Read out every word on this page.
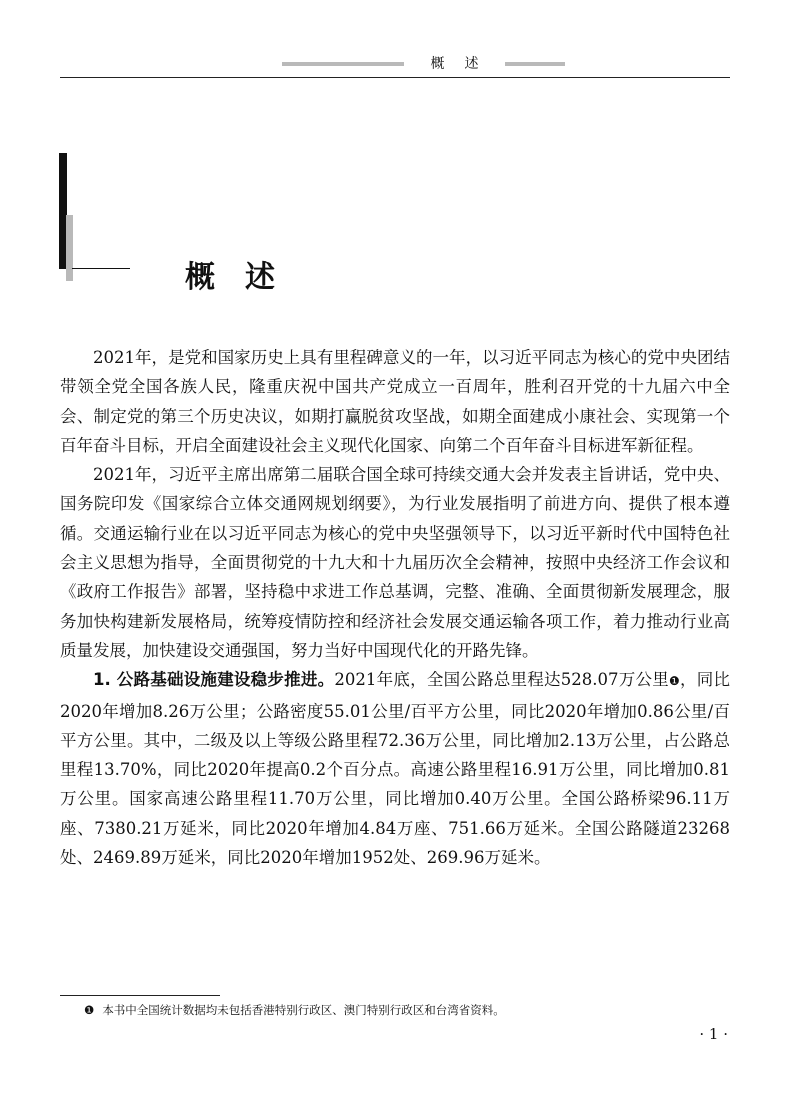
概述
概述

2021年，是党和国家历史上具有里程碑意义的一年，以习近平同志为核心的党中央团结带领全党全国各族人民，隆重庆祝中国共产党成立一百周年，胜利召开党的十九届六中全会、制定党的第三个历史决议，如期打赢脱贫攻坚战，如期全面建成小康社会、实现第一个百年奋斗目标，开启全面建设社会主义现代化国家、向第二个百年奋斗目标进军新征程。

2021年，习近平主席出席第二届联合国全球可持续交通大会并发表主旨讲话，党中央、国务院印发《国家综合立体交通网规划纲要》，为行业发展指明了前进方向、提供了根本遵循。交通运输行业在以习近平同志为核心的党中央坚强领导下，以习近平新时代中国特色社会主义思想为指导，全面贯彻党的十九大和十九届历次全会精神，按照中央经济工作会议和《政府工作报告》部署，坚持稳中求进工作总基调，完整、准确、全面贯彻新发展理念，服务加快构建新发展格局，统筹疫情防控和经济社会发展交通运输各项工作，着力推动行业高质量发展，加快建设交通强国，努力当好中国现代化的开路先锋。

1. 公路基础设施建设稳步推进。2021年底，全国公路总里程达528.07万公里❶，同比2020年增加8.26万公里；公路密度55.01公里/百平方公里，同比2020年增加0.86公里/百平方公里。其中，二级及以上等级公路里程72.36万公里，同比增加2.13万公里，占公路总里程13.70%，同比2020年提高0.2个百分点。高速公路里程16.91万公里，同比增加0.81万公里。国家高速公路里程11.70万公里，同比增加0.40万公里。全国公路桥梁96.11万座、7380.21万延米，同比2020年增加4.84万座、751.66万延米。全国公路隧道23268处、2469.89万延米，同比2020年增加1952处、269.96万延米。

❶ 本书中全国统计数据均未包括香港特别行政区、澳门特别行政区和台湾省资料。
· 1 ·
